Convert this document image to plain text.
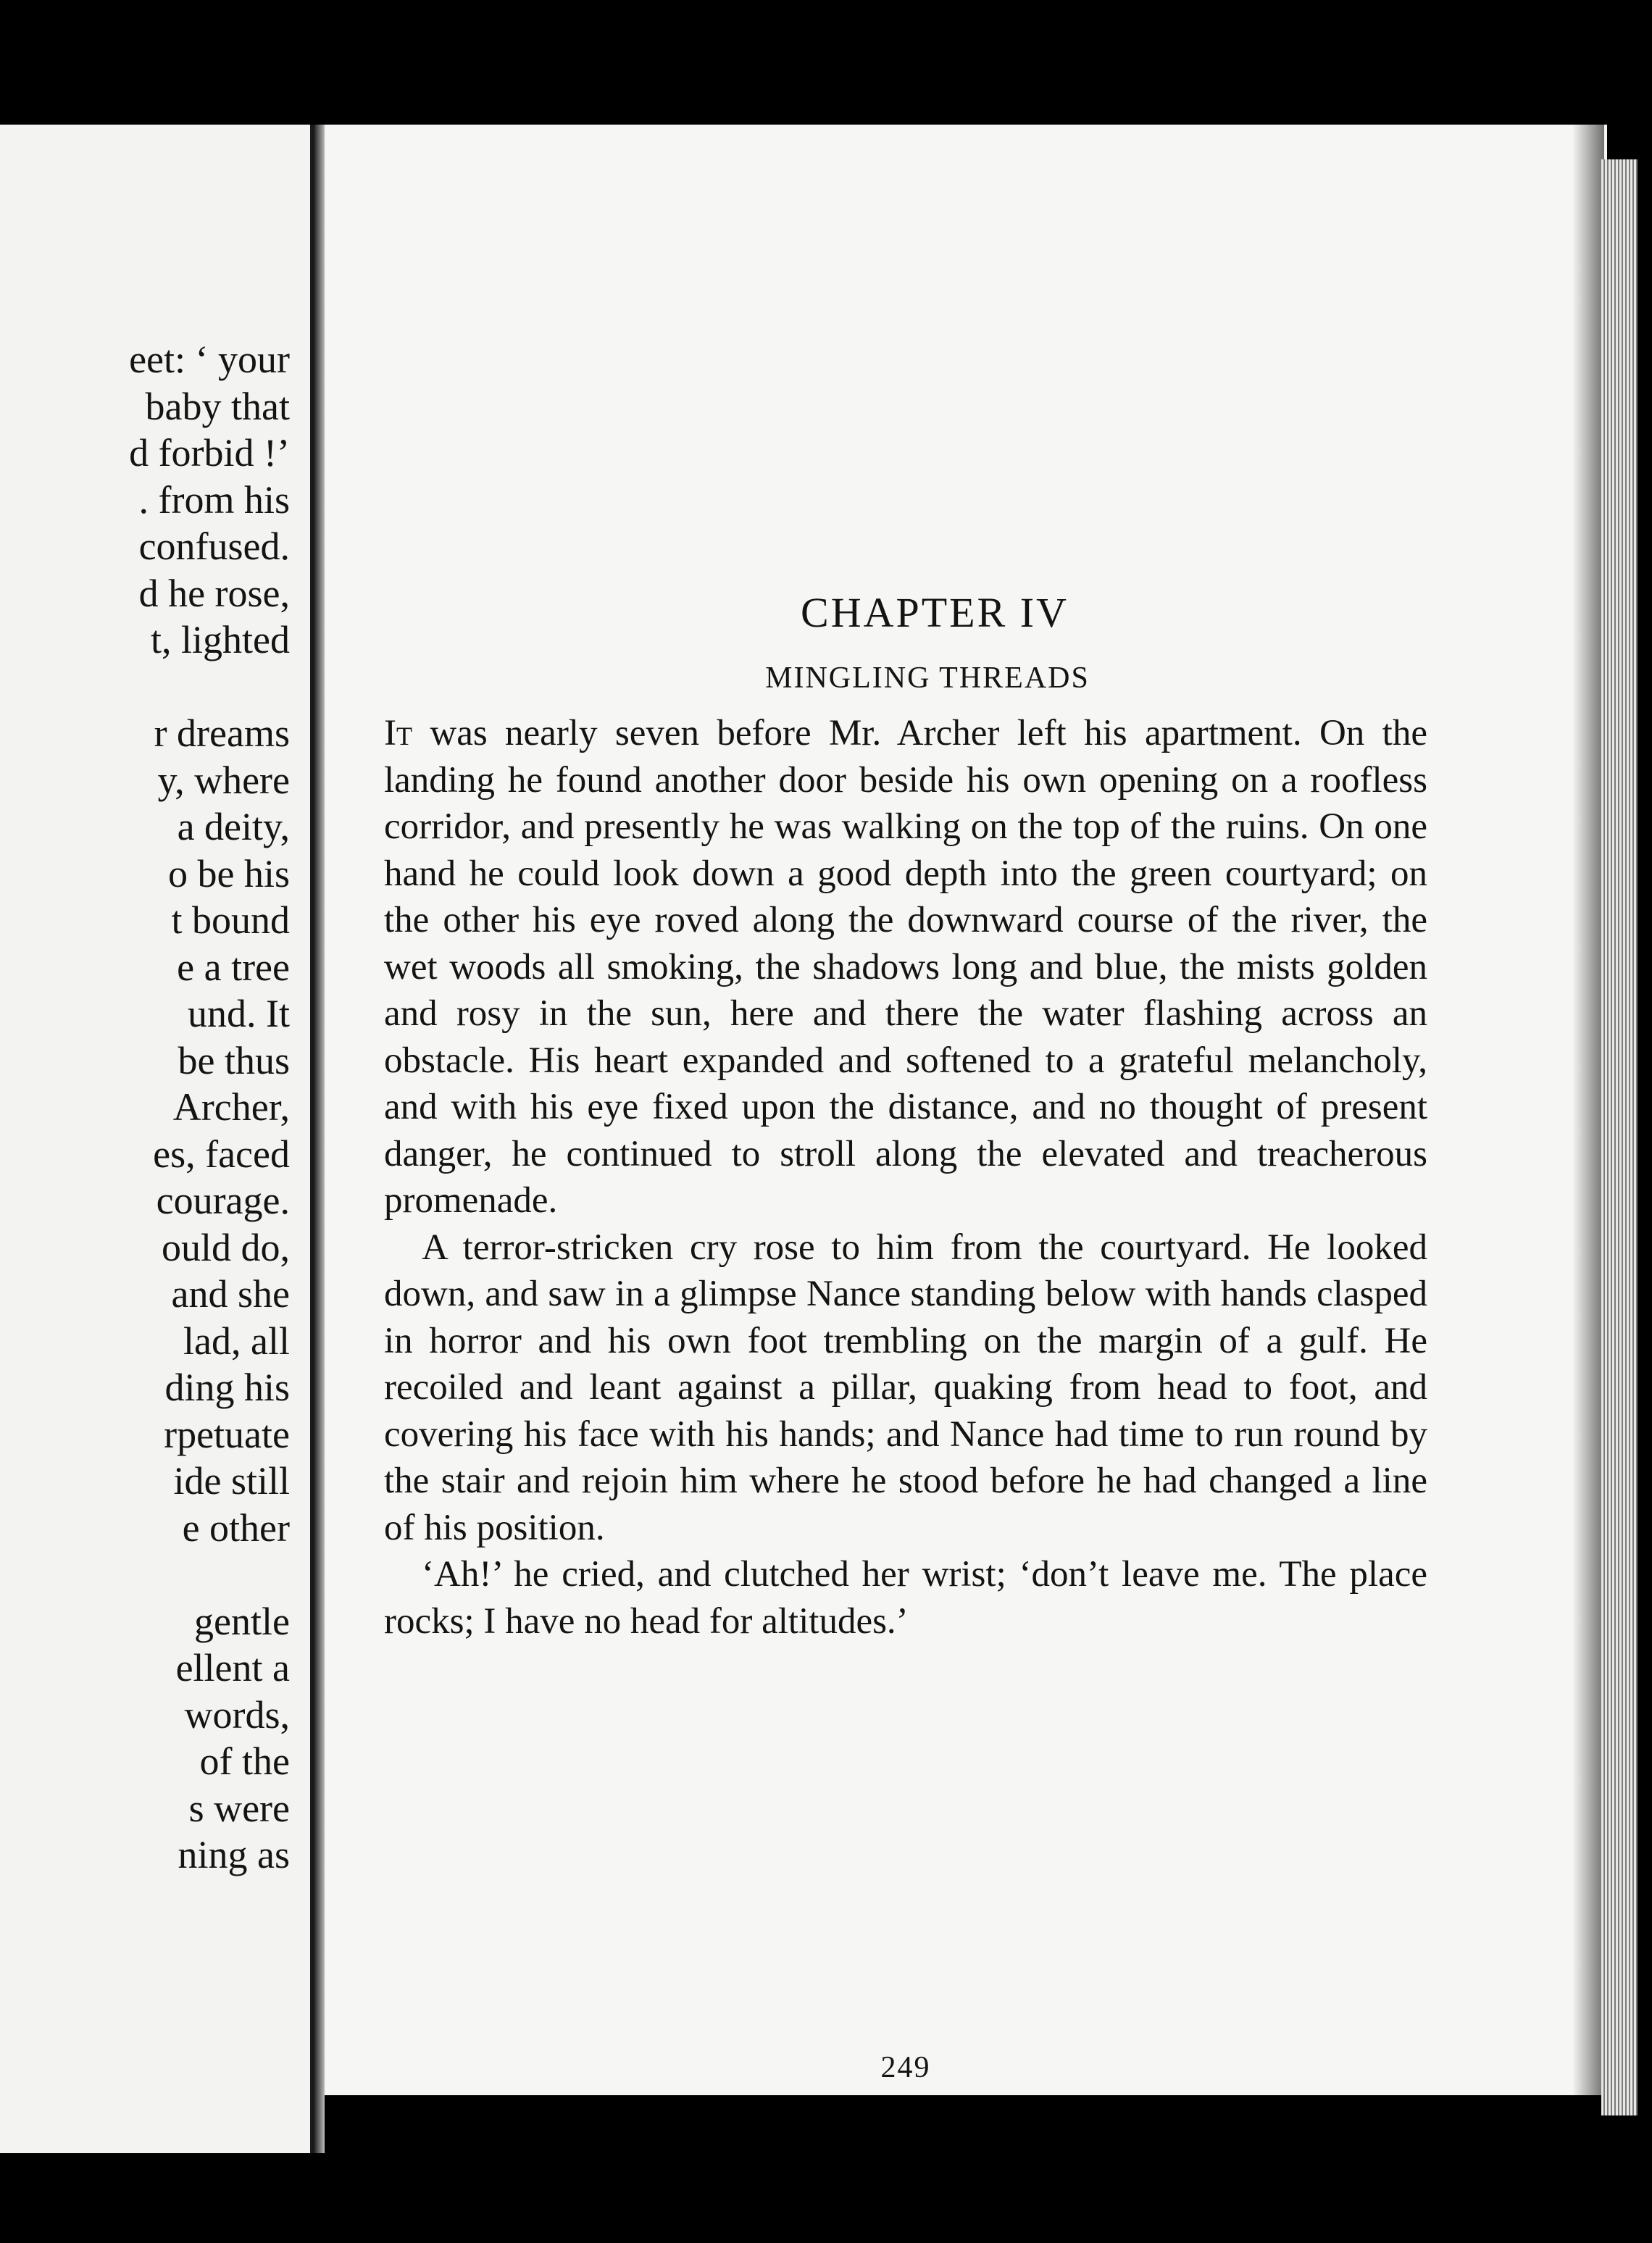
eet: ‘ your
baby that
d forbid !’
. from his
confused.
d he rose,
t, lighted
r dreams
y, where
a deity,
o be his
t bound
e a tree
und. It
be thus
Archer,
es, faced
courage.
ould do,
and she
lad, all
ding his
rpetuate
ide still
e other
gentle
ellent a
words,
of the
s were
ning as
CHAPTER IV
MINGLING THREADS

It was nearly seven before Mr. Archer left his apartment. On the landing he found another door beside his own opening on a roofless corridor, and presently he was walking on the top of the ruins. On one hand he could look down a good depth into the green courtyard; on the other his eye roved along the downward course of the river, the wet woods all smoking, the shadows long and blue, the mists golden and rosy in the sun, here and there the water flashing across an obstacle. His heart expanded and softened to a grateful melancholy, and with his eye fixed upon the distance, and no thought of present danger, he continued to stroll along the elevated and treacherous promenade.

A terror-stricken cry rose to him from the courtyard. He looked down, and saw in a glimpse Nance standing below with hands clasped in horror and his own foot trembling on the margin of a gulf. He recoiled and leant against a pillar, quaking from head to foot, and covering his face with his hands; and Nance had time to run round by the stair and rejoin him where he stood before he had changed a line of his position.

‘Ah!’ he cried, and clutched her wrist; ‘don’t leave me. The place rocks; I have no head for altitudes.’

249
